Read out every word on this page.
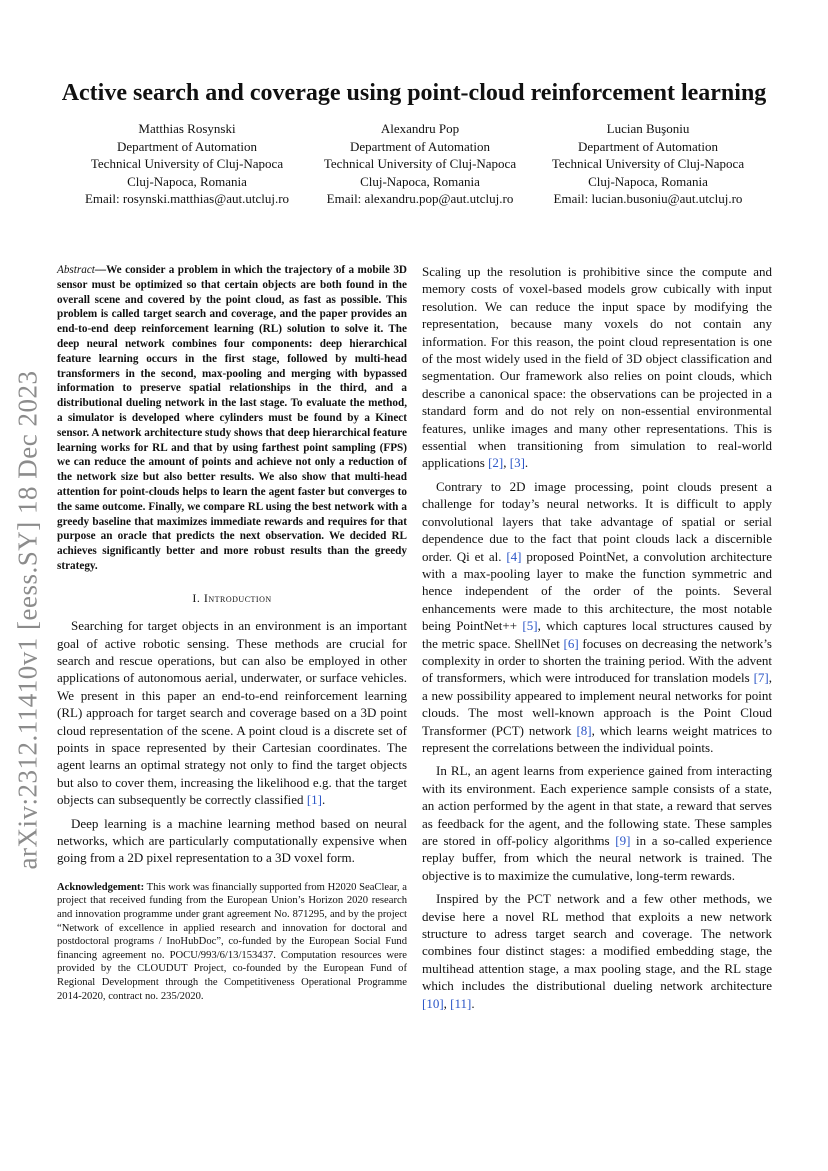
arXiv:2312.11410v1 [eess.SY] 18 Dec 2023
Active search and coverage using point-cloud reinforcement learning
Matthias Rosynski
Department of Automation
Technical University of Cluj-Napoca
Cluj-Napoca, Romania
Email: rosynski.matthias@aut.utcluj.ro
Alexandru Pop
Department of Automation
Technical University of Cluj-Napoca
Cluj-Napoca, Romania
Email: alexandru.pop@aut.utcluj.ro
Lucian Buşoniu
Department of Automation
Technical University of Cluj-Napoca
Cluj-Napoca, Romania
Email: lucian.busoniu@aut.utcluj.ro

Abstract—We consider a problem in which the trajectory of a mobile 3D sensor must be optimized so that certain objects are both found in the overall scene and covered by the point cloud, as fast as possible. This problem is called target search and coverage, and the paper provides an end-to-end deep reinforcement learning (RL) solution to solve it. The deep neural network combines four components: deep hierarchical feature learning occurs in the first stage, followed by multi-head transformers in the second, max-pooling and merging with bypassed information to preserve spatial relationships in the third, and a distributional dueling network in the last stage. To evaluate the method, a simulator is developed where cylinders must be found by a Kinect sensor. A network architecture study shows that deep hierarchical feature learning works for RL and that by using farthest point sampling (FPS) we can reduce the amount of points and achieve not only a reduction of the network size but also better results. We also show that multi-head attention for point-clouds helps to learn the agent faster but converges to the same outcome. Finally, we compare RL using the best network with a greedy baseline that maximizes immediate rewards and requires for that purpose an oracle that predicts the next observation. We decided RL achieves significantly better and more robust results than the greedy strategy.

I. Introduction

Searching for target objects in an environment is an important goal of active robotic sensing. These methods are crucial for search and rescue operations, but can also be employed in other applications of autonomous aerial, underwater, or surface vehicles. We present in this paper an end-to-end reinforcement learning (RL) approach for target search and coverage based on a 3D point cloud representation of the scene. A point cloud is a discrete set of points in space represented by their Cartesian coordinates. The agent learns an optimal strategy not only to find the target objects but also to cover them, increasing the likelihood e.g. that the target objects can subsequently be correctly classified [1].

Deep learning is a machine learning method based on neural networks, which are particularly computationally expensive when going from a 2D pixel representation to a 3D voxel form.

Acknowledgement: This work was financially supported from H2020 SeaClear, a project that received funding from the European Union’s Horizon 2020 research and innovation programme under grant agreement No. 871295, and by the project “Network of excellence in applied research and innovation for doctoral and postdoctoral programs / InoHubDoc”, co-funded by the European Social Fund financing agreement no. POCU/993/6/13/153437. Computation resources were provided by the CLOUDUT Project, co-founded by the European Fund of Regional Development through the Competitiveness Operational Programme 2014-2020, contract no. 235/2020.

Scaling up the resolution is prohibitive since the compute and memory costs of voxel-based models grow cubically with input resolution. We can reduce the input space by modifying the representation, because many voxels do not contain any information. For this reason, the point cloud representation is one of the most widely used in the field of 3D object classification and segmentation. Our framework also relies on point clouds, which describe a canonical space: the observations can be projected in a standard form and do not rely on non-essential environmental features, unlike images and many other representations. This is essential when transitioning from simulation to real-world applications [2], [3].

Contrary to 2D image processing, point clouds present a challenge for today’s neural networks. It is difficult to apply convolutional layers that take advantage of spatial or serial dependence due to the fact that point clouds lack a discernible order. Qi et al. [4] proposed PointNet, a convolution architecture with a max-pooling layer to make the function symmetric and hence independent of the order of the points. Several enhancements were made to this architecture, the most notable being PointNet++ [5], which captures local structures caused by the metric space. ShellNet [6] focuses on decreasing the network’s complexity in order to shorten the training period. With the advent of transformers, which were introduced for translation models [7], a new possibility appeared to implement neural networks for point clouds. The most well-known approach is the Point Cloud Transformer (PCT) network [8], which learns weight matrices to represent the correlations between the individual points.

In RL, an agent learns from experience gained from interacting with its environment. Each experience sample consists of a state, an action performed by the agent in that state, a reward that serves as feedback for the agent, and the following state. These samples are stored in off-policy algorithms [9] in a so-called experience replay buffer, from which the neural network is trained. The objective is to maximize the cumulative, long-term rewards.

Inspired by the PCT network and a few other methods, we devise here a novel RL method that exploits a new network structure to adress target search and coverage. The network combines four distinct stages: a modified embedding stage, the multihead attention stage, a max pooling stage, and the RL stage which includes the distributional dueling network architecture [10], [11].
